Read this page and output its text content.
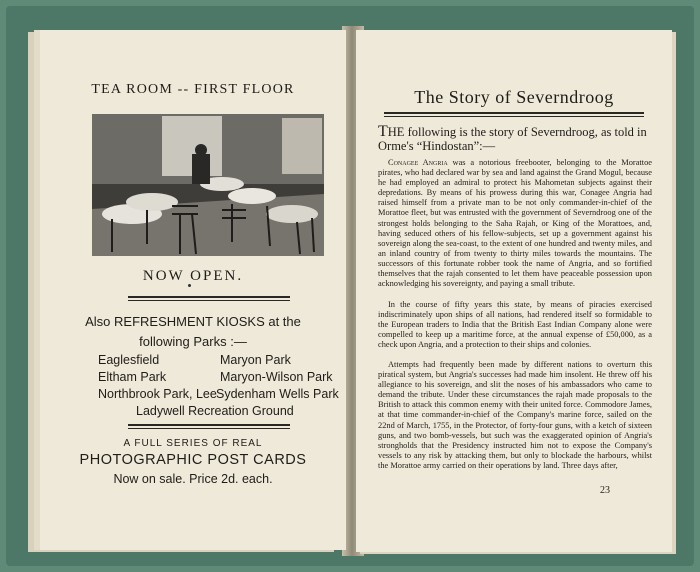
TEA ROOM -- FIRST FLOOR
NOW OPEN.
Also REFRESHMENT KIOSKS at the
following Parks :—
Eaglesfield	Maryon Park
Eltham Park	Maryon-Wilson Park
Northbrook Park, Lee Sydenham Wells Park
Ladywell Recreation Ground
A FULL SERIES OF REAL
PHOTOGRAPHIC POST CARDS
Now on sale. Price 2d. each.
The Story of Severndroog
THE following is the story of Severndroog, as told in Orme's “Hindostan”:—

Conagee Angria was a notorious freebooter, belonging to the Morattoe pirates, who had declared war by sea and land against the Grand Mogul, because he had employed an admiral to protect his Mahometan subjects against their depredations. By means of his prowess during this war, Conagee Angria had raised himself from a private man to be not only commander-in-chief of the Morattoe fleet, but was entrusted with the government of Severndroog one of the strongest holds belonging to the Saha Rajah, or King of the Morattoes, and, having seduced others of his fellow-subjects, set up a government against his sovereign along the sea-coast, to the extent of one hundred and twenty miles, and an inland country of from twenty to thirty miles towards the mountains. The successors of this fortunate robber took the name of Angria, and so fortified themselves that the rajah consented to let them have peaceable possession upon acknowledging his sovereignty, and paying a small tribute.

In the course of fifty years this state, by means of piracies exercised indiscriminately upon ships of all nations, had rendered itself so formidable to the European traders to India that the British East Indian Company alone were compelled to keep up a maritime force, at the annual expense of £50,000, as a check upon Angria, and a protection to their ships and colonies.

Attempts had frequently been made by different nations to overturn this piratical system, but Angria's successes had made him insolent. He threw off his allegiance to his sovereign, and slit the noses of his ambassadors who came to demand the tribute. Under these circumstances the rajah made proposals to the British to attack this common enemy with their united force. Commodore James, at that time commander-in-chief of the Company's marine force, sailed on the 22nd of March, 1755, in the Protector, of forty-four guns, with a ketch of sixteen guns, and two bomb-vessels, but such was the exaggerated opinion of Angria's strongholds that the Presidency instructed him not to expose the Company's vessels to any risk by attacking them, but only to blockade the harbours, whilst the Morattoe army carried on their operations by land. Three days after,

23
